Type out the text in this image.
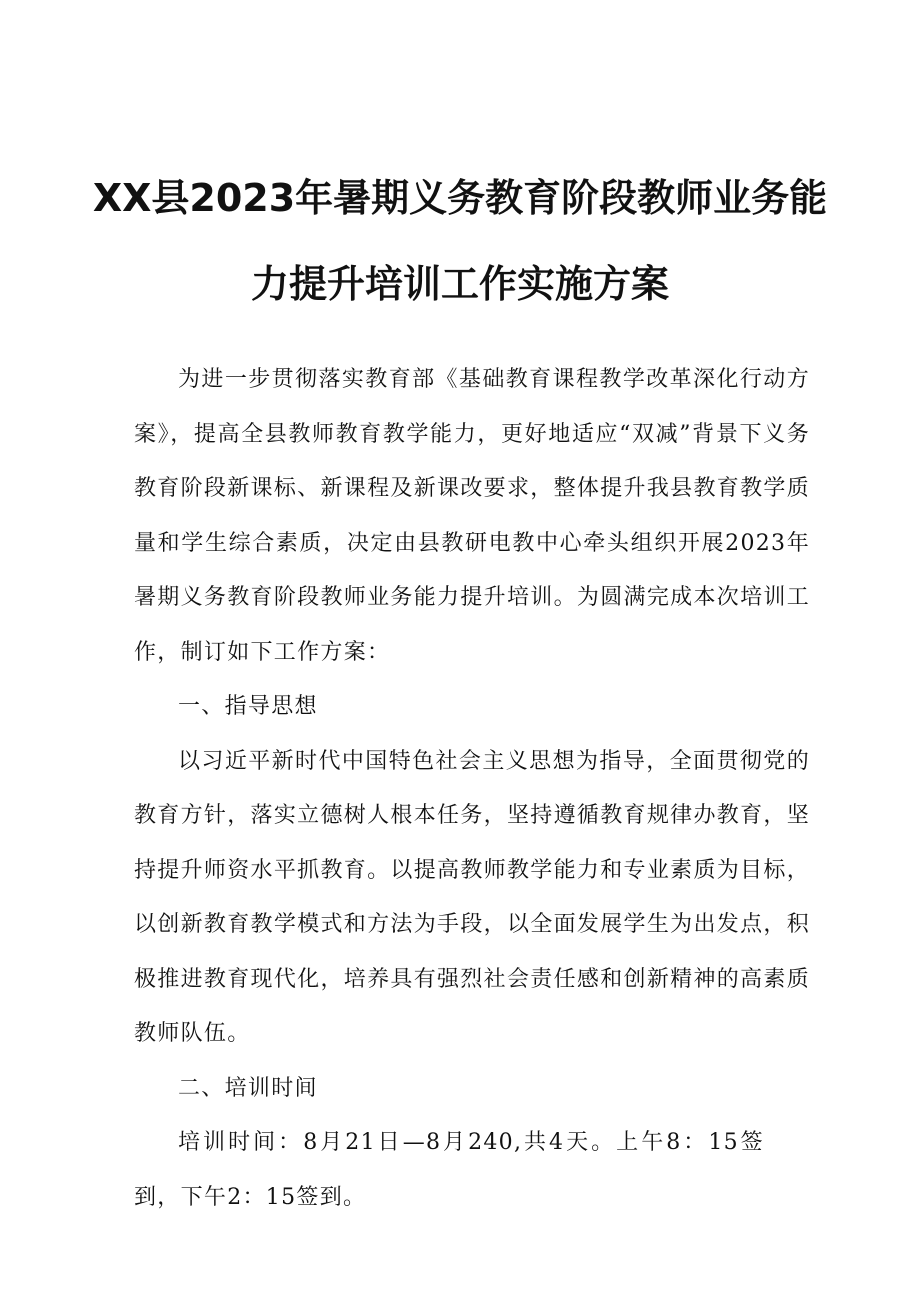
XX县2023年暑期义务教育阶段教师业务能
力提升培训工作实施方案

为进一步贯彻落实教育部《基础教育课程教学改革深化行动方案》，提高全县教师教育教学能力，更好地适应“双减”背景下义务教育阶段新课标、新课程及新课改要求，整体提升我县教育教学质量和学生综合素质，决定由县教研电教中心牵头组织开展2023年暑期义务教育阶段教师业务能力提升培训。为圆满完成本次培训工作，制订如下工作方案：

一、指导思想

以习近平新时代中国特色社会主义思想为指导，全面贯彻党的教育方针，落实立德树人根本任务，坚持遵循教育规律办教育，坚持提升师资水平抓教育。以提高教师教学能力和专业素质为目标，以创新教育教学模式和方法为手段，以全面发展学生为出发点，积极推进教育现代化，培养具有强烈社会责任感和创新精神的高素质教师队伍。

二、培训时间

培训时间：8月21日—8月240,共4天。上午8：15签到，下午2：15签到。
